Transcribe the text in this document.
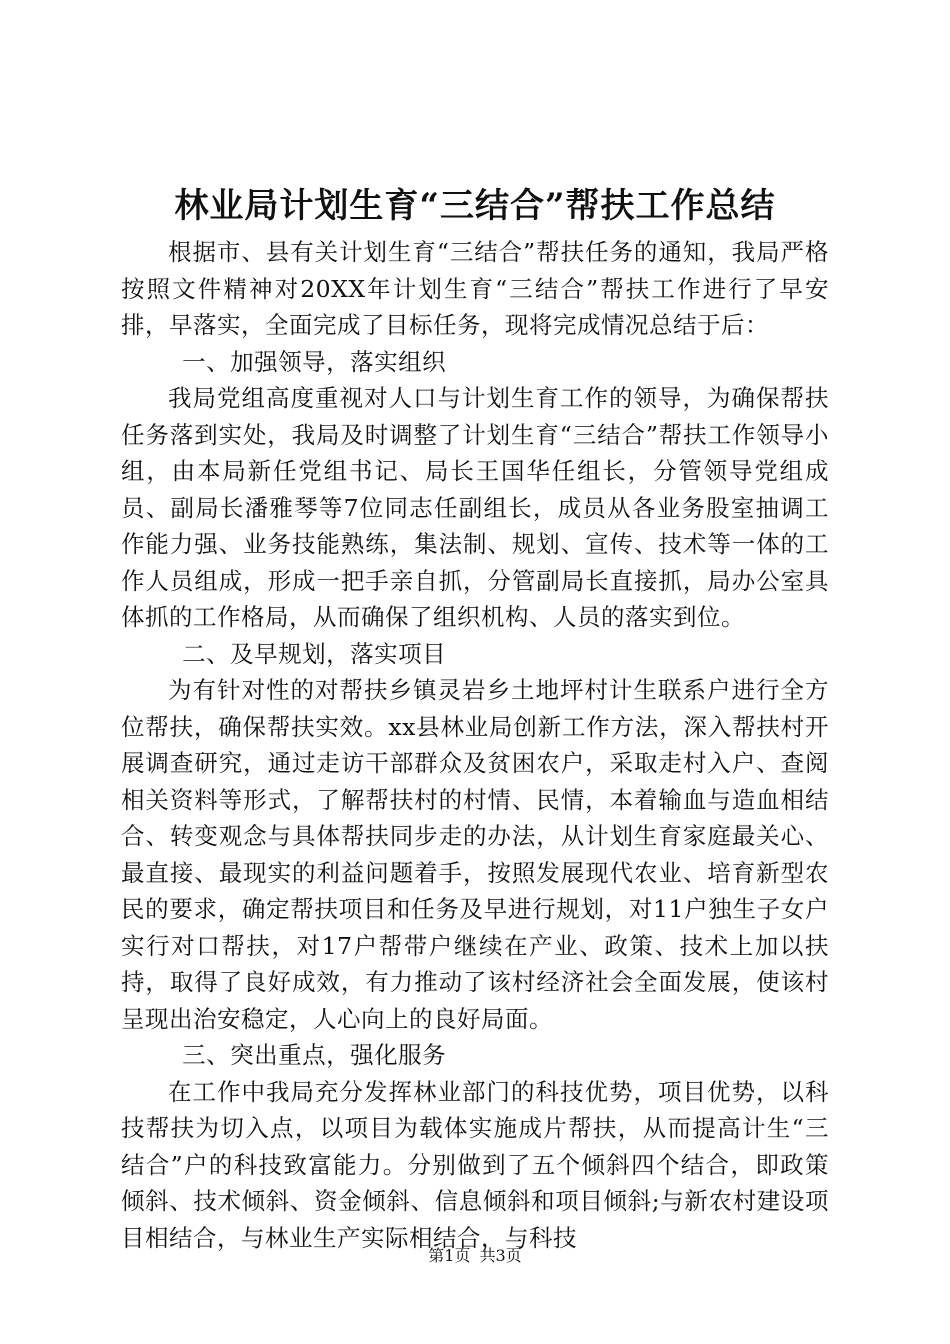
林业局计划生育“三结合”帮扶工作总结

根据市、县有关计划生育“三结合”帮扶任务的通知，我局严格按照文件精神对20XX年计划生育“三结合”帮扶工作进行了早安排，早落实，全面完成了目标任务，现将完成情况总结于后：

一、加强领导，落实组织

我局党组高度重视对人口与计划生育工作的领导，为确保帮扶任务落到实处，我局及时调整了计划生育“三结合”帮扶工作领导小组，由本局新任党组书记、局长王国华任组长，分管领导党组成员、副局长潘雅琴等7位同志任副组长，成员从各业务股室抽调工作能力强、业务技能熟练，集法制、规划、宣传、技术等一体的工作人员组成，形成一把手亲自抓，分管副局长直接抓，局办公室具体抓的工作格局，从而确保了组织机构、人员的落实到位。

二、及早规划，落实项目

为有针对性的对帮扶乡镇灵岩乡土地坪村计生联系户进行全方位帮扶，确保帮扶实效。xx县林业局创新工作方法，深入帮扶村开展调查研究，通过走访干部群众及贫困农户，采取走村入户、查阅相关资料等形式，了解帮扶村的村情、民情，本着输血与造血相结合、转变观念与具体帮扶同步走的办法，从计划生育家庭最关心、最直接、最现实的利益问题着手，按照发展现代农业、培育新型农民的要求，确定帮扶项目和任务及早进行规划，对11户独生子女户实行对口帮扶，对17户帮带户继续在产业、政策、技术上加以扶持，取得了良好成效，有力推动了该村经济社会全面发展，使该村呈现出治安稳定，人心向上的良好局面。

三、突出重点，强化服务

在工作中我局充分发挥林业部门的科技优势，项目优势，以科技帮扶为切入点，以项目为载体实施成片帮扶，从而提高计生“三结合”户的科技致富能力。分别做到了五个倾斜四个结合，即政策倾斜、技术倾斜、资金倾斜、信息倾斜和项目倾斜;与新农村建设项目相结合，与林业生产实际相结合，与科技

第1页 共3页
